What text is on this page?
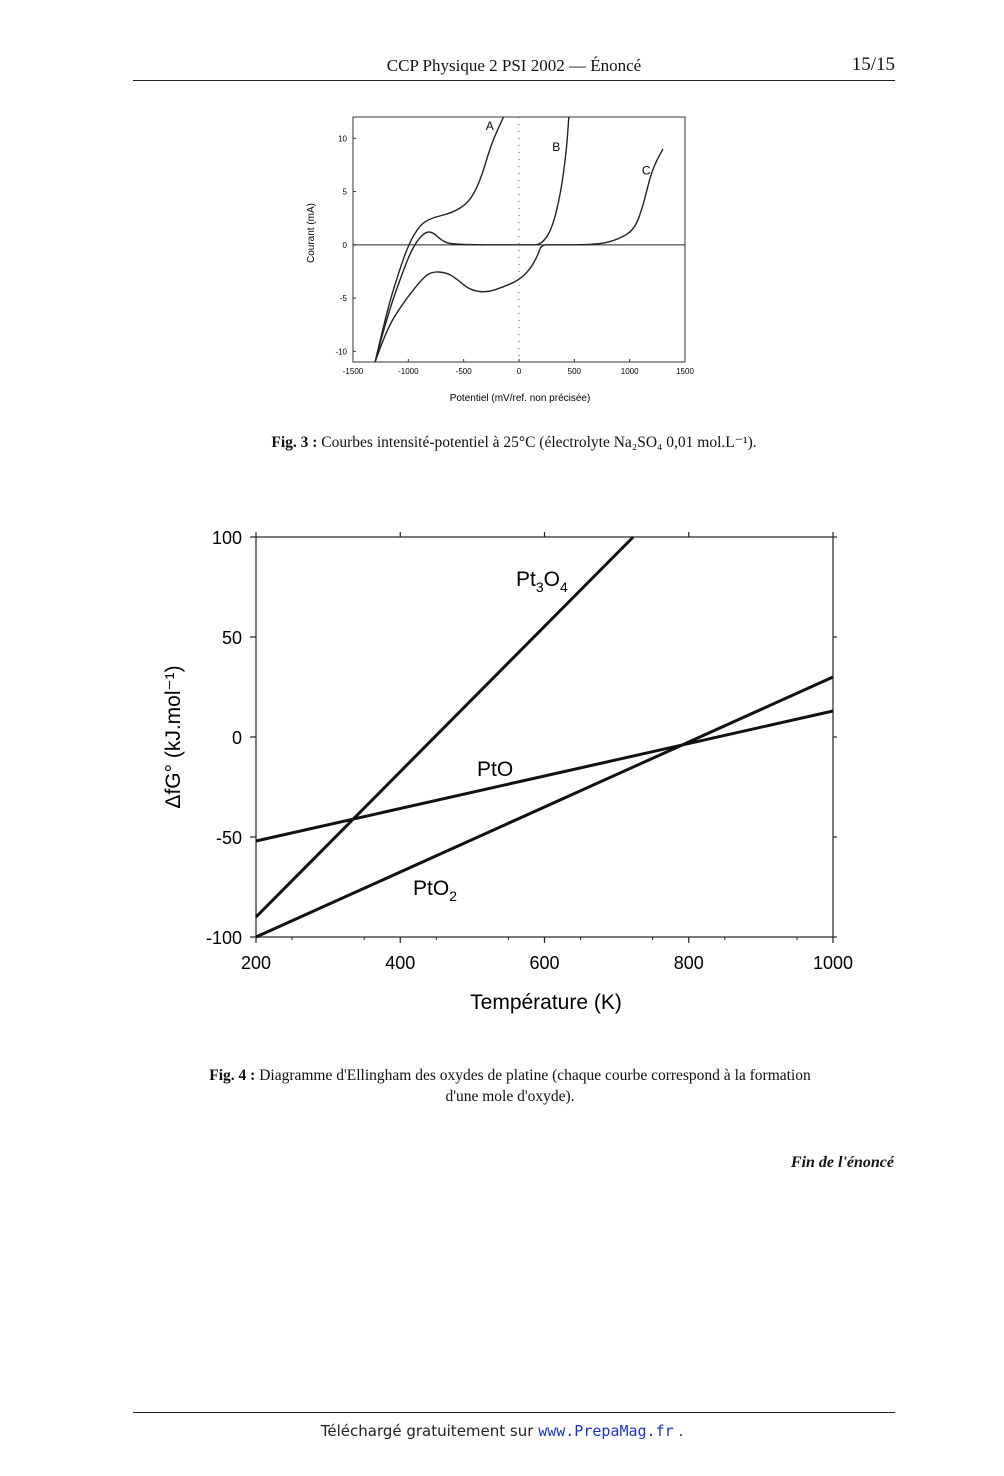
CCP Physique 2 PSI 2002 — Énoncé	15/15
-1500	-1000	-500	0	500	1000	1500
-10
-5
0
5
10
A
B
C
Courant (mA)
Potentiel (mV/ref. non précisée)
Fig. 3 : Courbes intensité-potentiel à 25°C (électrolyte Na₂SO₄ 0,01 mol.L⁻¹).
200	400	600	800	1000
-100
-50
0
50
100
$Pt_3O_4$
PtO
PtO$_2$
ΔfG° (kJ.mol⁻¹)
Température (K)
Fig. 4 : Diagramme d'Ellingham des oxydes de platine (chaque courbe correspond à la formation
d'une mole d'oxyde).
Fin de l'énoncé
Téléchargé gratuitement sur www.PrepaMag.fr .
